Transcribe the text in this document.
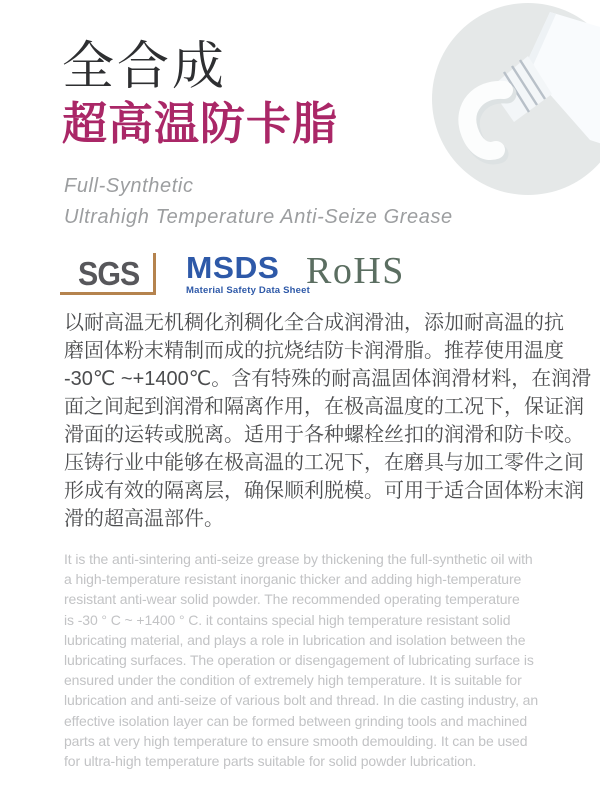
全合成
超高温防卡脂
Full-Synthetic
Ultrahigh Temperature Anti-Seize Grease
SGS	MSDS
Material Safety Data Sheet
RoHS
以耐高温无机稠化剂稠化全合成润滑油，添加耐高温的抗
磨固体粉末精制而成的抗烧结防卡润滑脂。推荐使用温度
-30℃ ~+1400℃。含有特殊的耐高温固体润滑材料，在润滑
面之间起到润滑和隔离作用，在极高温度的工况下，保证润
滑面的运转或脱离。适用于各种螺栓丝扣的润滑和防卡咬。
压铸行业中能够在极高温的工况下，在磨具与加工零件之间
形成有效的隔离层，确保顺利脱模。可用于适合固体粉末润
滑的超高温部件。
It is the anti-sintering anti-seize grease by thickening the full-synthetic oil with
a high-temperature resistant inorganic thicker and adding high-temperature
resistant anti-wear solid powder. The recommended operating temperature
is -30 ° C ~ +1400 ° C. it contains special high temperature resistant solid
lubricating material, and plays a role in lubrication and isolation between the
lubricating surfaces. The operation or disengagement of lubricating surface is
ensured under the condition of extremely high temperature. It is suitable for
lubrication and anti-seize of various bolt and thread. In die casting industry, an
effective isolation layer can be formed between grinding tools and machined
parts at very high temperature to ensure smooth demoulding. It can be used
for ultra-high temperature parts suitable for solid powder lubrication.
